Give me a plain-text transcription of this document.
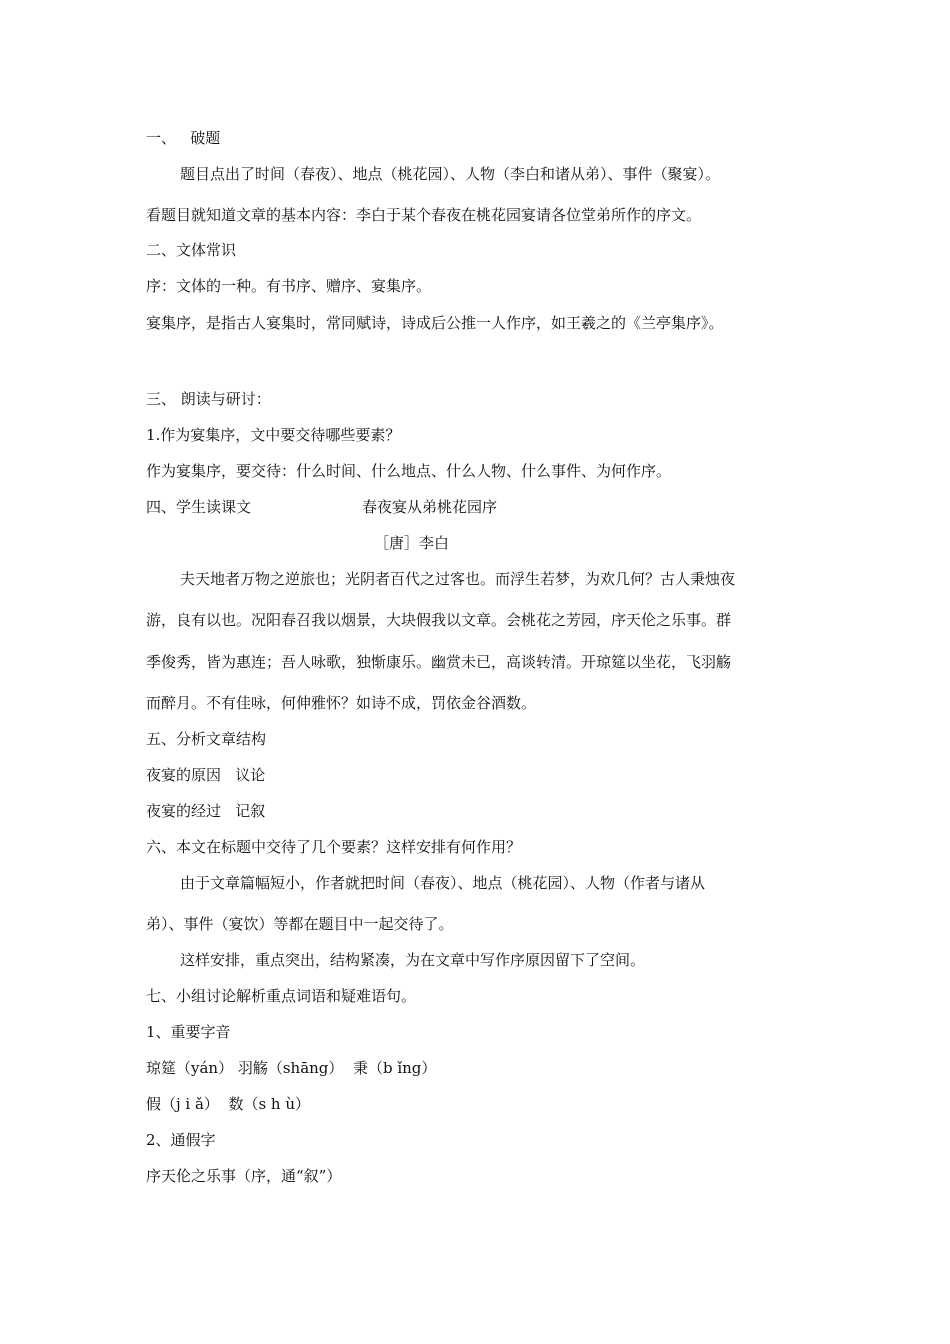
一、   破题
题目点出了时间（春夜）、地点（桃花园）、人物（李白和诸从弟）、事件（聚宴）。
看题目就知道文章的基本内容：李白于某个春夜在桃花园宴请各位堂弟所作的序文。
二、文体常识
序：文体的一种。有书序、赠序、宴集序。
宴集序，是指古人宴集时，常同赋诗，诗成后公推一人作序，如王羲之的《兰亭集序》。
三、 朗读与研讨：
1.作为宴集序，文中要交待哪些要素？
作为宴集序，要交待：什么时间、什么地点、什么人物、什么事件、为何作序。
四、学生读课文	春夜宴从弟桃花园序
［唐］李白
夫天地者万物之逆旅也；光阴者百代之过客也。而浮生若梦，为欢几何？古人秉烛夜
游，良有以也。况阳春召我以烟景，大块假我以文章。会桃花之芳园，序天伦之乐事。群
季俊秀，皆为惠连；吾人咏歌，独惭康乐。幽赏未已，高谈转清。开琼筵以坐花，飞羽觞
而醉月。不有佳咏，何伸雅怀？如诗不成，罚依金谷酒数。
五、分析文章结构
夜宴的原因   议论
夜宴的经过   记叙
六、本文在标题中交待了几个要素？这样安排有何作用？
由于文章篇幅短小，作者就把时间（春夜）、地点（桃花园）、人物（作者与诸从
弟）、事件（宴饮）等都在题目中一起交待了。
这样安排，重点突出，结构紧凑，为在文章中写作序原因留下了空间。
七、小组讨论解析重点词语和疑难语句。
1、重要字音
琼筵（yán） 羽觞（shāng）  秉（b ǐng）
假（j i ǎ）  数（s h ù）
2、通假字
序天伦之乐事（序，通“叙”）
